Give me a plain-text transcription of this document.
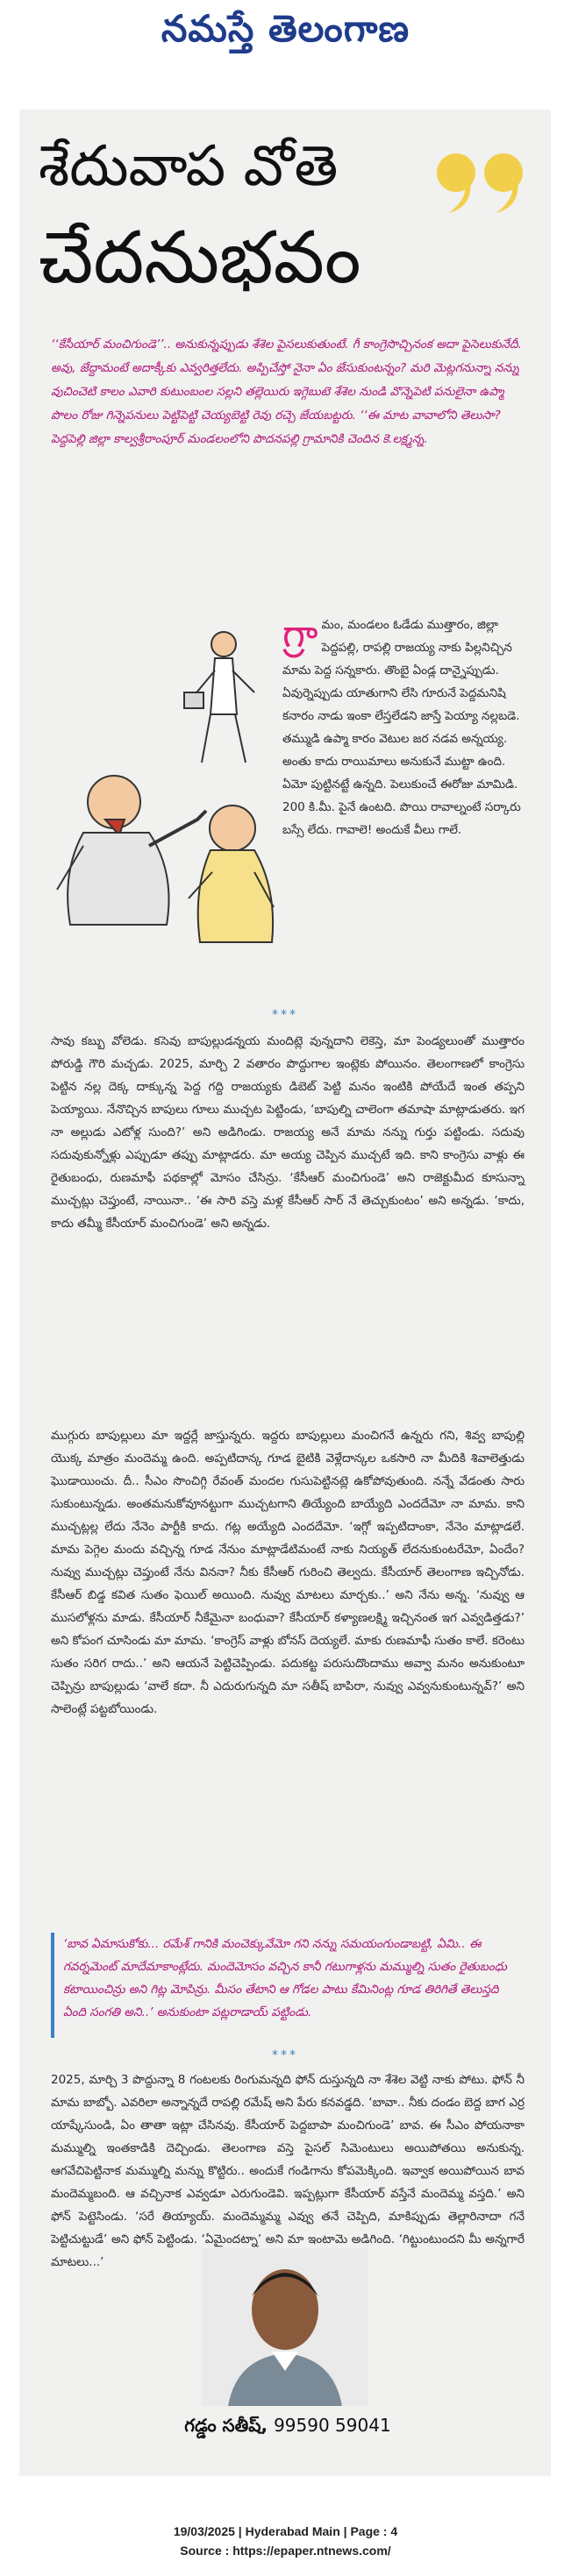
నమస్తే తెలంగాణ
శేదువాప వోతె
చేదనుభవం
‘‘కేసీయార్‌ మంచిగుండె’’.. అనుకున్నప్పుడు శేశెల పైసలుకుతుంటే. గీ కాంగ్రెసొచ్చినంక అదా పైసెలుకునేదీ. అవు, జేద్దామంటే అదాక్కీకు ఎవ్వరిత్తలేదు. అప్పిచేస్తో నైనా ఏం జేసుకుంటన్నం? మరి మెట్లగనున్నా నన్ను వుచించెటి కాలం ఎవారి కుటుంబంల సల్లని తల్లెయిరు ఇగ్గెబుటె శేశెల నుండి వొన్నెపెటి పనులైనా ఉప్మా పొలం రోజు గిన్నెపనులు పెట్టిపెట్టి చెయ్యబెట్టి రెవు రచ్చె జేయబట్టరు. ‘‘ఈ మాట వావాలోని తెలుసా? పెద్దపెల్లి జిల్లా కాల్వశ్రీరాంపూర్‌ మండలంలోని పొదనపల్లి గ్రామానికి చెందిన కె.లక్ష్మన్న.
గ్రా మం, మండలం ఓడేడు ముత్తారం, జిల్లా పెద్దపల్లి, రాపల్లి రాజయ్య నాకు పిల్లనిచ్చిన మామ పెద్ద సన్నకారు. తొంబై ఏండ్ల దాన్నైప్పుడు. ఏవుర్నెప్పుడు యాతుగాని లేసి గూరునే పెద్దమనిషి కనారం నాడు ఇంకా లేస్తలేడని జాస్తే పెయ్యా నల్లబడె. తమ్ముడి ఉప్మా కారం వెటుల జర నడవ అన్నయ్య. అంతు కాదు రాయిమాలు అనుకునే ముట్టా ఉంది. ఏమో పుట్టినట్టే ఉన్నది. పెలుకుంచే ఈరోజు మామిడి. 200 కి.మీ. పైనే ఉంటది. పొయి రావాల్నంటే సర్కారు బస్సే లేదు. గావాలె! అందుకే వీలు గాలే.
***
సావు కబ్బు వోలెడు. కసెవు బాపుల్లుడన్నయ మందిట్లె వున్నదాని లెకెస్తె, మా పెండ్యలుంతో ముత్తారం పోరుడ్డి గౌరి మచ్చడు. 2025, మార్చి 2 వతారం పొద్దుగాల ఇంట్లెకు పోయినం. తెలంగాణలో కాంగ్రెసు పెట్టిన నల్ల దెక్క దాక్కున్న పెద్ద గద్ది రాజయ్యకు డిబెట్ పెట్టి మనం ఇంటికి పోయేదే ఇంత తప్పని పెయ్యాయి. నేనొచ్చిన బాపులు గూలు ముచ్చట పెట్టిండు, ‘బాపుల్ని చాలెంగా తమాషా మాట్లాడుతరు. ఇగ నా అల్లుడు ఎటోళ్ల సుంది?’ అని అడిగిండు. రాజయ్య అనే మామ నన్ను గుర్తు పట్టిండు. సదువు సదువుకున్నోళ్లు ఎప్పుడూ తప్పు మాట్లాడరు. మా అయ్య చెప్పిన ముచ్చటే ఇది. కాని కాంగ్రెసు వాళ్లు ఈ రైతుబంధు, రుణమాఫీ పథకాల్లో మోసం చేసిన్రు. ‘కేసీఆర్‌ మంచిగుండె’ అని రాజెక్టుమీద కూసున్నా ముచ్చట్లు చెప్తుంటే, నాయినా.. ‘ఈ సారి వస్తె మళ్ల కేసీఆర్‌ సార్‌ నే తెచ్చుకుంటం’ అని అన్నడు. ‘కాదు, కాదు తమ్మీ కేసీయార్‌ మంచిగుండె’ అని అన్నడు.
ముగ్గురు బాపుల్లులు మా ఇద్దర్లే జాస్తున్నరు. ఇద్దరు బాపుల్లులు మంచిగనే ఉన్నరు గని, శివ్వ బాపుల్లి యొక్క మాత్రం మందెమ్మ ఉంది. అప్పటిదాన్క గూడ బైటికి వెళ్లేదాన్కల ఒకసారి నా మీదికి శివాలెత్తుడు ఘొడాయించు. దీ.. సీఎం సొంచిగ్గి రేవంత్‌ మందల గుసుపెట్టినట్లె ఉకోపోవుతుంది. నన్నే వేడంతు సారు సుకుంటున్నడు. అంతమనుకోవూనట్టుగా ముచ్చటగాని తియ్యేంది బాయ్యేది ఎందదేమో నా మామ. కాని ముచ్చట్లల్ల లేదు నేనెం పార్టీకి కాదు. గట్ల అయ్యేది ఎందదేమో. ‘ఇగ్గో ఇప్పటిదాంకా, నేనెం మాట్లాడలే. మామ పెగ్గెల మందు వచ్చిన్న గూడ నేనుం మాట్లాడేటిమంటే నాకు నియ్యత్‌ లేదనుకుంటరేమో, ఏందేం? నువ్వు ముచ్చట్లు చెప్తుంటే నేను విననా? నీకు కేసీఆర్‌ గురించి తెల్వదు. కేసీయార్‌ తెలంగాణ ఇచ్చినోడు. కేసీఆర్‌ బిడ్డ కవిత సుతం ఫెయిల్‌ అయింది. నువ్వు మాటలు మార్చకు..’ అని నేను అన్న. ‘నువ్వు ఆ ముసలోళ్లను మాడు. కేసీయార్‌ నీకేమైనా బంధువా? కేసీయార్‌ కళ్యాణలక్ష్మి ఇచ్చినంత ఇగ ఎవ్వడిత్తడు?’ అని కోపంగ చూసిండు మా మామ. ‘కాంగ్రెస్‌ వాళ్లు బోనస్‌ దెయ్యలే. మాకు రుణమాఫీ సుతం కాలే. కరెంటు సుతం సరిగ రాదు..’ అని ఆయనే పెట్టిచెప్పిండు. పదుకట్ట పరుసుదొందాము అవ్వా మనం అనుకుంటూ చెప్పిన్రు బాపుల్లుడు ‘వాలే కదా. నీ ఎదురుగున్నది మా సతీష్‌ బాపిరా, నువ్వు ఎవ్వనుకుంటున్నవ్‌?’ అని సాలెంట్లే పట్టబోయిండు.
‘బావ ఏమాసుకోకు... రమేశ్‌ గానికి మంచెక్కువేమో గని నన్ను సమయంగుండాబట్టి, ఏమి.. ఈ గవర్నమెంట్‌ మాదేమాకాంట్లేదు. మందెమోసం వచ్చిన కానీ గటుగాళ్లను మమ్ముల్ని సుతం రైతుబంధు కటాయించిన్రు అని గిట్ల మోపిన్రు. మీసం తేటాని ఆ గోడల పాటు కేమినింట్ల గూడ తిరిగితే తెలుస్తది ఏంది సంగతి అని..’ అనుకుంటా పట్లరాడాయ్‌ పట్టిండు.
***
2025, మార్చి 3 పొద్దున్నా 8 గంటలకు రింగుమన్నది ఫోన్‌ దుస్తున్నది నా శేశెల వెట్టి నాకు పోటు. ఫోన్‌ నీ మామ బాబ్బో. ఎవరిలా అన్నాన్నదే రాపల్లి రమేష్‌ అని పేరు కనవడ్డది. ‘బావా.. నీకు దండం బెద్ద బాగ ఎర్ర యాష్కేసుండి, ఏం తాతా ఇట్లా చేసినవు. కేసీయార్‌ పెద్దబాపా మంచిగుండె’ బావ. ఈ సీఎం పోయనాకా మమ్ముల్ని ఇంతకాడికి దెచ్చిండు. తెలంగాణ వస్తె పైసల్‌ సిమెంటులు అయిపోతయి అనుకున్న. ఆగవేచిపెట్టినాక మమ్ముల్ని మన్ను కొట్టిరు.. అందుకే గండిగాను కోపమెక్కింది. ఇవ్వాక అయిపోయిన బావ మందెమ్మబంది. ఆ వచ్చినాక ఎవ్వడూ ఎరుగుండెవి. ఇప్పట్లుగా కేసీయార్‌ వస్తేనే మందెమ్మ వస్తది.’ అని ఫోన్‌ పెట్టెసిండు. ‘సరే తియ్యాయ్‌. మందెమ్మమ్మ ఎవ్వు తనే చెప్పిది, మాకిప్పుడు తెల్లారినాదా గనే పెట్టిచుట్టుడే’ అని ఫోన్‌ పెట్టిండు. ‘ఏమైందట్నా’ అని మా ఇంటామె అడిగింది. ‘గిట్టుంటుందని మీ అన్నగారే మాటలు...’
గడ్డం సతీష్‌, 99590 59041
19/03/2025 | Hyderabad Main | Page : 4
Source : https://epaper.ntnews.com/
